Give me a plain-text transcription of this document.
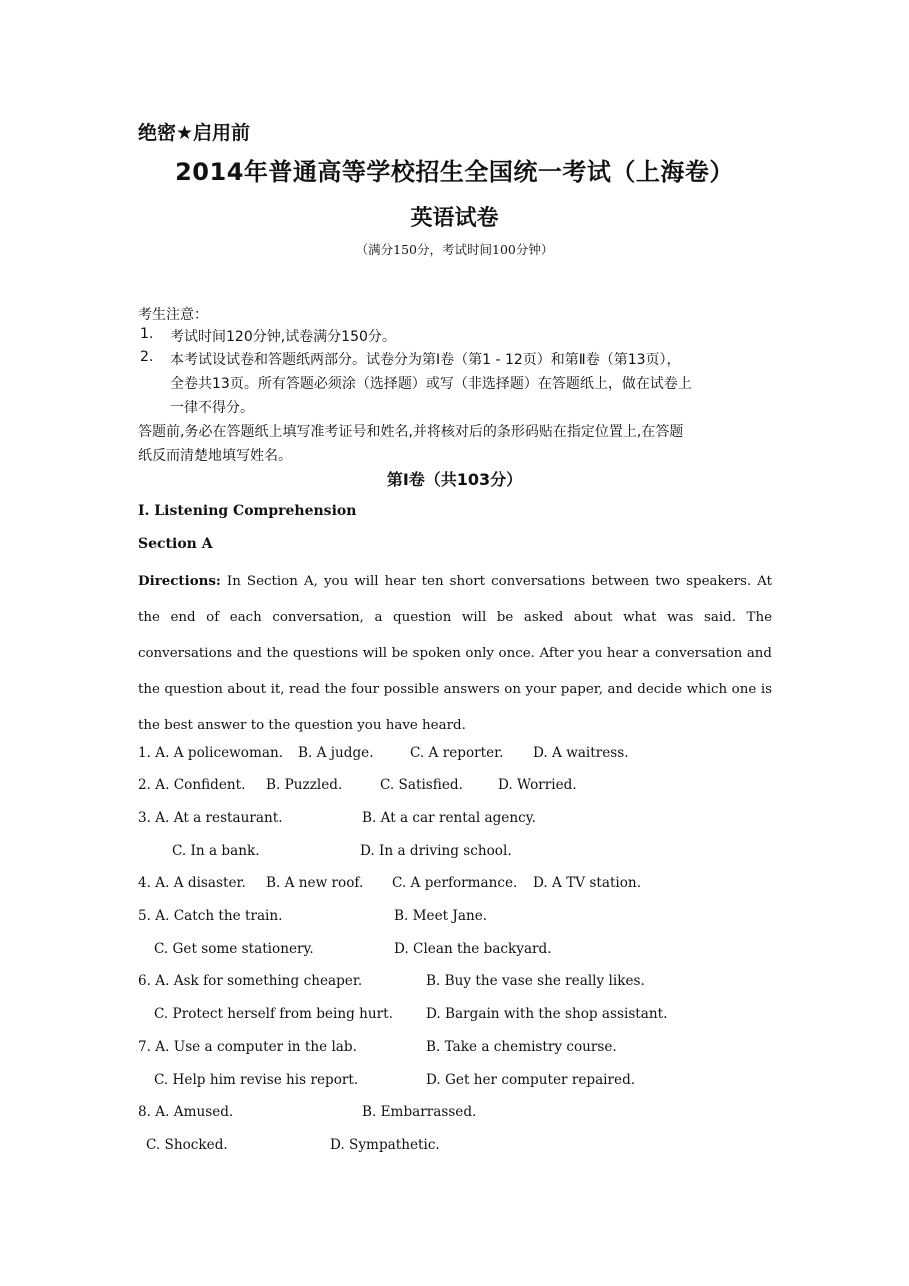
绝密★启用前
2014年普通高等学校招生全国统一考试（上海卷）
英语试卷
（满分150分，考试时间100分钟）
考生注意：
1. 考试时间120分钟,试卷满分150分。
2. 本考试设试卷和答题纸两部分。试卷分为第Ⅰ卷（第1 - 12页）和第Ⅱ卷（第13页），
全卷共13页。所有答题必须涂（选择题）或写（非选择题）在答题纸上，做在试卷上
一律不得分。
答题前,务必在答题纸上填写准考证号和姓名,并将核对后的条形码贴在指定位置上,在答题
纸反而清楚地填写姓名。
第I卷（共103分）
I. Listening Comprehension
Section A
Directions: In Section A, you will hear ten short conversations between two speakers. At the end of each conversation, a question will be asked about what was said. The conversations and the questions will be spoken only once. After you hear a conversation and the question about it, read the four possible answers on your paper, and decide which one is the best answer to the question you have heard.
1. A. A policewoman. B. A judge.	C. A reporter. D. A waitress.
2. A. Confident. B. Puzzled.	C. Satisfied.	D. Worried.
3. A. At a restaurant.	B. At a car rental agency.
C. In a bank.	D. In a driving school.
4. A. A disaster. B. A new roof. C. A performance. D. A TV station.
5. A. Catch the train.	B. Meet Jane.
C. Get some stationery.	D. Clean the backyard.
6. A. Ask for something cheaper.	B. Buy the vase she really likes.
C. Protect herself from being hurt. D. Bargain with the shop assistant.
7. A. Use a computer in the lab.	B. Take a chemistry course.
C. Help him revise his report.	D. Get her computer repaired.
8. A. Amused.	B. Embarrassed.
C. Shocked.	D. Sympathetic.
